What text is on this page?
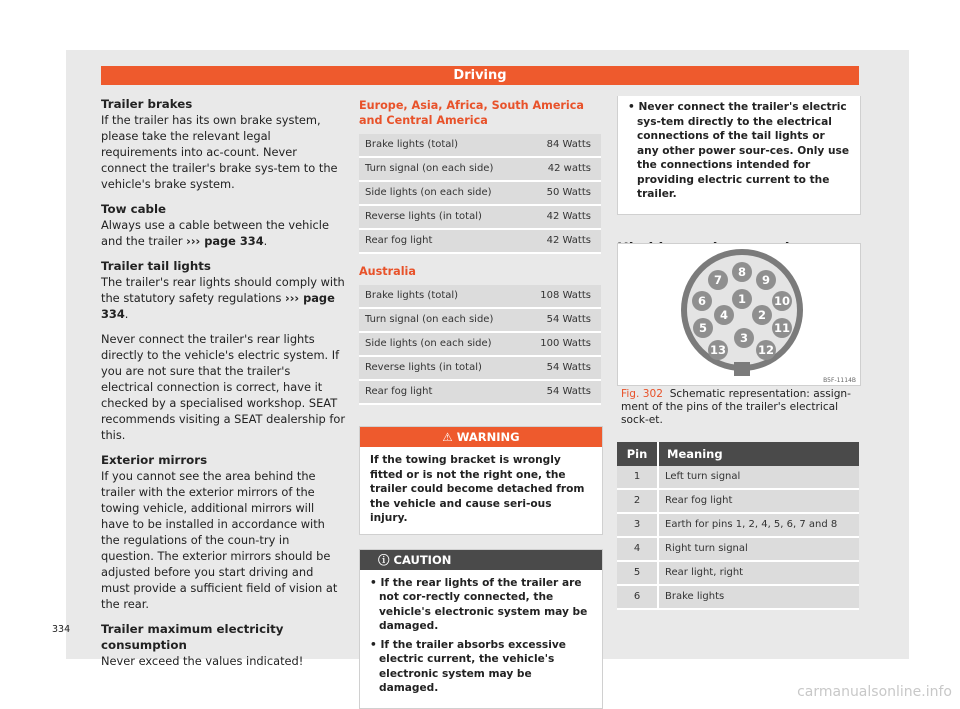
Driving
Trailer brakes

If the trailer has its own brake system, please take the relevant legal requirements into ac-count. Never connect the trailer's brake sys-tem to the vehicle's brake system.

Tow cable

Always use a cable between the vehicle and the trailer ››› page 334.

Trailer tail lights

The trailer's rear lights should comply with the statutory safety regulations ››› page 334.

Never connect the trailer's rear lights directly to the vehicle's electric system. If you are not sure that the trailer's electrical connection is correct, have it checked by a specialised workshop. SEAT recommends visiting a SEAT dealership for this.

Exterior mirrors

If you cannot see the area behind the trailer with the exterior mirrors of the towing vehicle, additional mirrors will have to be installed in accordance with the regulations of the coun-try in question. The exterior mirrors should be adjusted before you start driving and must provide a sufficient field of vision at the rear.

Trailer maximum electricity consumption

Never exceed the values indicated!

Europe, Asia, Africa, South America and Central America
Brake lights (total)	84 Watts
Turn signal (on each side)	42 watts
Side lights (on each side)	50 Watts
Reverse lights (in total)	42 Watts
Rear fog light	42 Watts
Australia
Brake lights (total)	108 Watts
Turn signal (on each side)	54 Watts
Side lights (on each side)	100 Watts
Reverse lights (in total)	54 Watts
Rear fog light	54 Watts
⚠ WARNING
If the towing bracket is wrongly fitted or is not the right one, the trailer could become detached from the vehicle and cause seri-ous injury.
ⓘ CAUTION
• If the rear lights of the trailer are not cor-rectly connected, the vehicle's electronic system may be damaged.
• If the trailer absorbs excessive electric current, the vehicle's electronic system may be damaged.
• Never connect the trailer's electric sys-tem directly to the electrical connections of the tail lights or any other power sour-ces. Only use the connections intended for providing electric current to the trailer.
1
2
3
4
5
6
7
8
9
10
11
12
13
B5F-1114B
Fig. 302 Schematic representation: assign-ment of the pins of the trailer's electrical sock-et.
Pin	Meaning
1	Left turn signal
2	Rear fog light
3	Earth for pins 1, 2, 4, 5, 6, 7 and 8
4	Right turn signal
5	Rear light, right
6	Brake lights
334
carmanualsonline.info
